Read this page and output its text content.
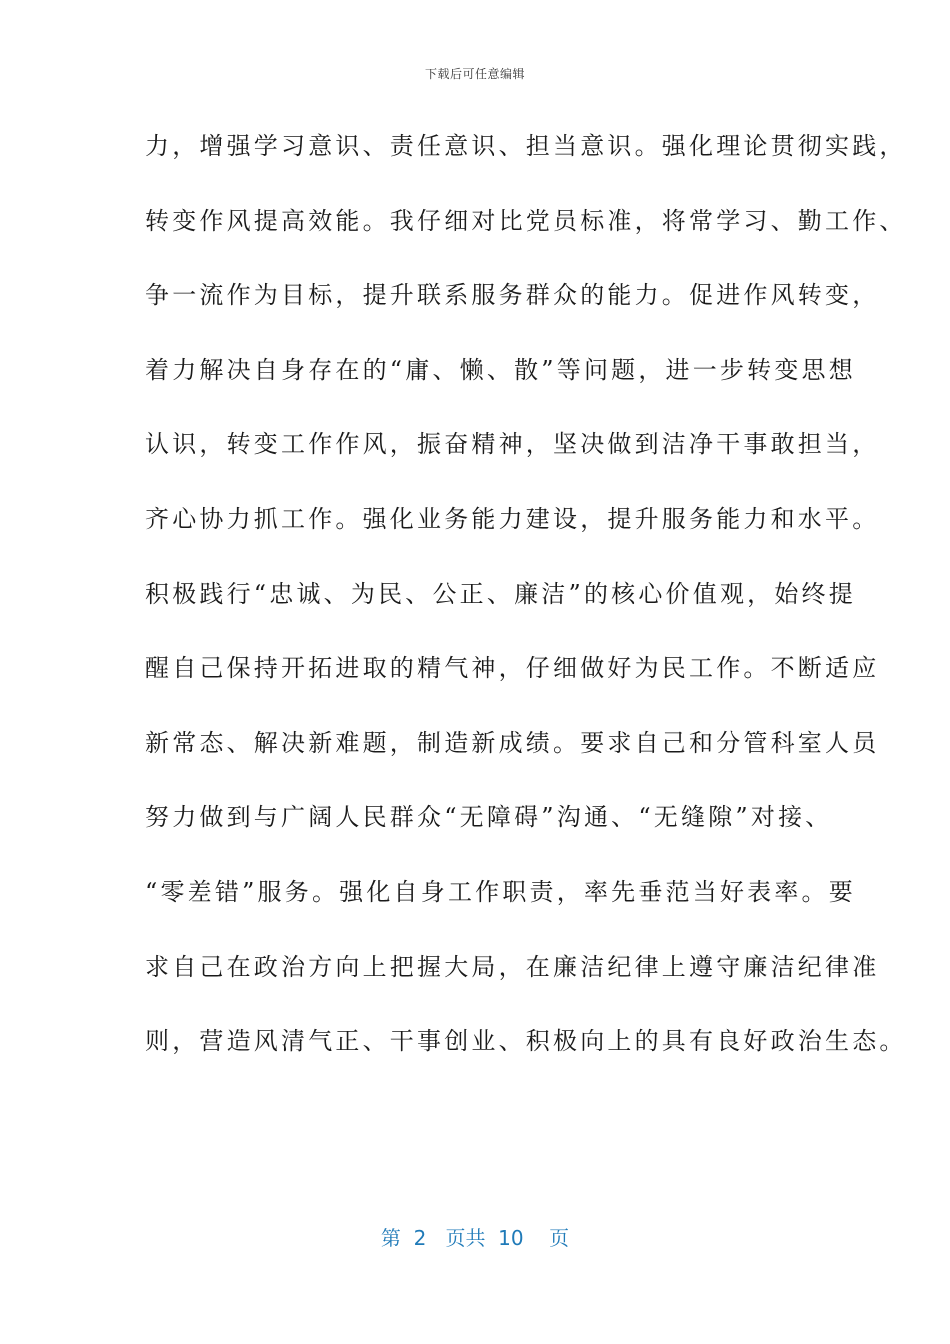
下载后可任意编辑
力，增强学习意识、责任意识、担当意识。强化理论贯彻实践，
转变作风提高效能。我仔细对比党员标准，将常学习、勤工作、
争一流作为目标，提升联系服务群众的能力。促进作风转变，
着力解决自身存在的“庸、懒、散”等问题，进一步转变思想
认识，转变工作作风，振奋精神，坚决做到洁净干事敢担当，
齐心协力抓工作。强化业务能力建设，提升服务能力和水平。
积极践行“忠诚、为民、公正、廉洁”的核心价值观，始终提
醒自己保持开拓进取的精气神，仔细做好为民工作。不断适应
新常态、解决新难题，制造新成绩。要求自己和分管科室人员
努力做到与广阔人民群众“无障碍”沟通、“无缝隙”对接、
“零差错”服务。强化自身工作职责，率先垂范当好表率。要
求自己在政治方向上把握大局，在廉洁纪律上遵守廉洁纪律准
则，营造风清气正、干事创业、积极向上的具有良好政治生态。
第 2 页共 10 页
